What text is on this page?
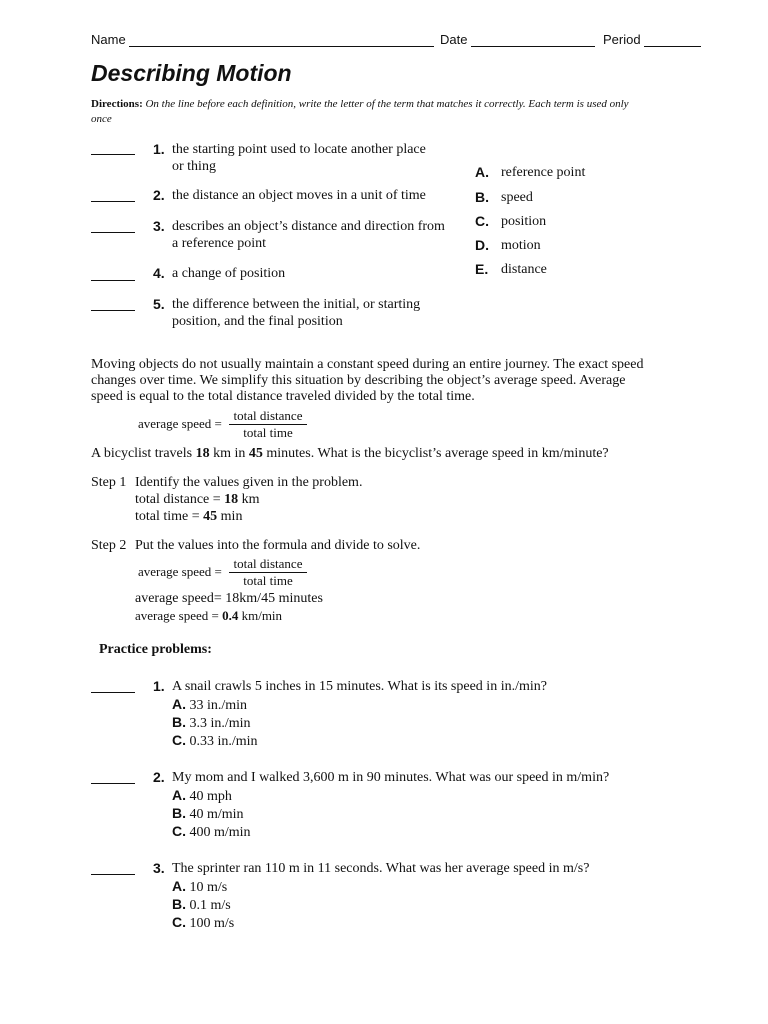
Name	Date	Period
Describing Motion
Directions: On the line before each definition, write the letter of the term that matches it correctly. Each term is used only once
1. the starting point used to locate another place
or thing
2. the distance an object moves in a unit of time
3. describes an object’s distance and direction from
a reference point
4. a change of position
5. the difference between the initial, or starting
position, and the final position
A. reference point
B. speed
C. position
D. motion
E. distance
Moving objects do not usually maintain a constant speed during an entire journey. The exact speed changes over time. We simplify this situation by describing the object’s average speed. Average speed is equal to the total distance traveled divided by the total time.
average speed =
total distance
total time
A bicyclist travels 18 km in 45 minutes. What is the bicyclist’s average speed in km/minute?
Step 1 Identify the values given in the problem.
total distance = 18 km
total time = 45 min
Step 2 Put the values into the formula and divide to solve.
average speed =
total distance
total time
average speed= 18km/45 minutes
average speed = 0.4 km/min
Practice problems:
1. A snail crawls 5 inches in 15 minutes. What is its speed in in./min?
A. 33 in./min
B. 3.3 in./min
C. 0.33 in./min
2. My mom and I walked 3,600 m in 90 minutes. What was our speed in m/min?
A. 40 mph
B. 40 m/min
C. 400 m/min
3. The sprinter ran 110 m in 11 seconds. What was her average speed in m/s?
A. 10 m/s
B. 0.1 m/s
C. 100 m/s
